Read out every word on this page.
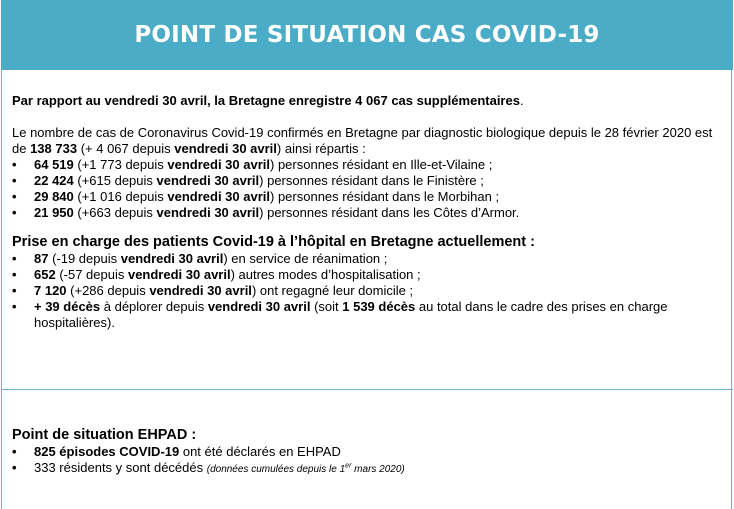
POINT DE SITUATION CAS COVID-19

Par rapport au vendredi 30 avril, la Bretagne enregistre 4 067 cas supplémentaires.

Le nombre de cas de Coronavirus Covid-19 confirmés en Bretagne par diagnostic biologique depuis le 28 février 2020 est de 138 733 (+ 4 067 depuis vendredi 30 avril) ainsi répartis :

• 64 519 (+1 773 depuis vendredi 30 avril) personnes résidant en Ille-et-Vilaine ;
• 22 424 (+615 depuis vendredi 30 avril) personnes résidant dans le Finistère ;
• 29 840 (+1 016 depuis vendredi 30 avril) personnes résidant dans le Morbihan ;
• 21 950 (+663 depuis vendredi 30 avril) personnes résidant dans les Côtes d’Armor.

Prise en charge des patients Covid-19 à l’hôpital en Bretagne actuellement :

• 87 (-19 depuis vendredi 30 avril) en service de réanimation ;
• 652 (-57 depuis vendredi 30 avril) autres modes d’hospitalisation ;
• 7 120 (+286 depuis vendredi 30 avril) ont regagné leur domicile ;
• + 39 décès à déplorer depuis vendredi 30 avril (soit 1 539 décès au total dans le cadre des prises en charge hospitalières).

Point de situation EHPAD :

• 825 épisodes COVID-19 ont été déclarés en EHPAD
• 333 résidents y sont décédés (données cumulées depuis le 1er mars 2020)
